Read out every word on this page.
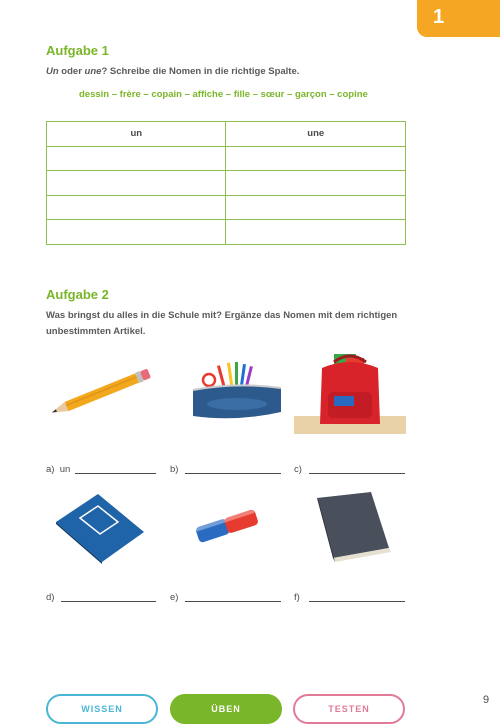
1
Aufgabe 1
Un oder une? Schreibe die Nomen in die richtige Spalte.
dessin – frère – copain – affiche – fille – sœur – garçon – copine
un	une

Aufgabe 2
Was bringst du alles in die Schule mit? Ergänze das Nomen mit dem richtigen
unbestimmten Artikel.
a) un	b)	c)
d)	e)	f)
WISSEN	ÜBEN	TESTEN
9
